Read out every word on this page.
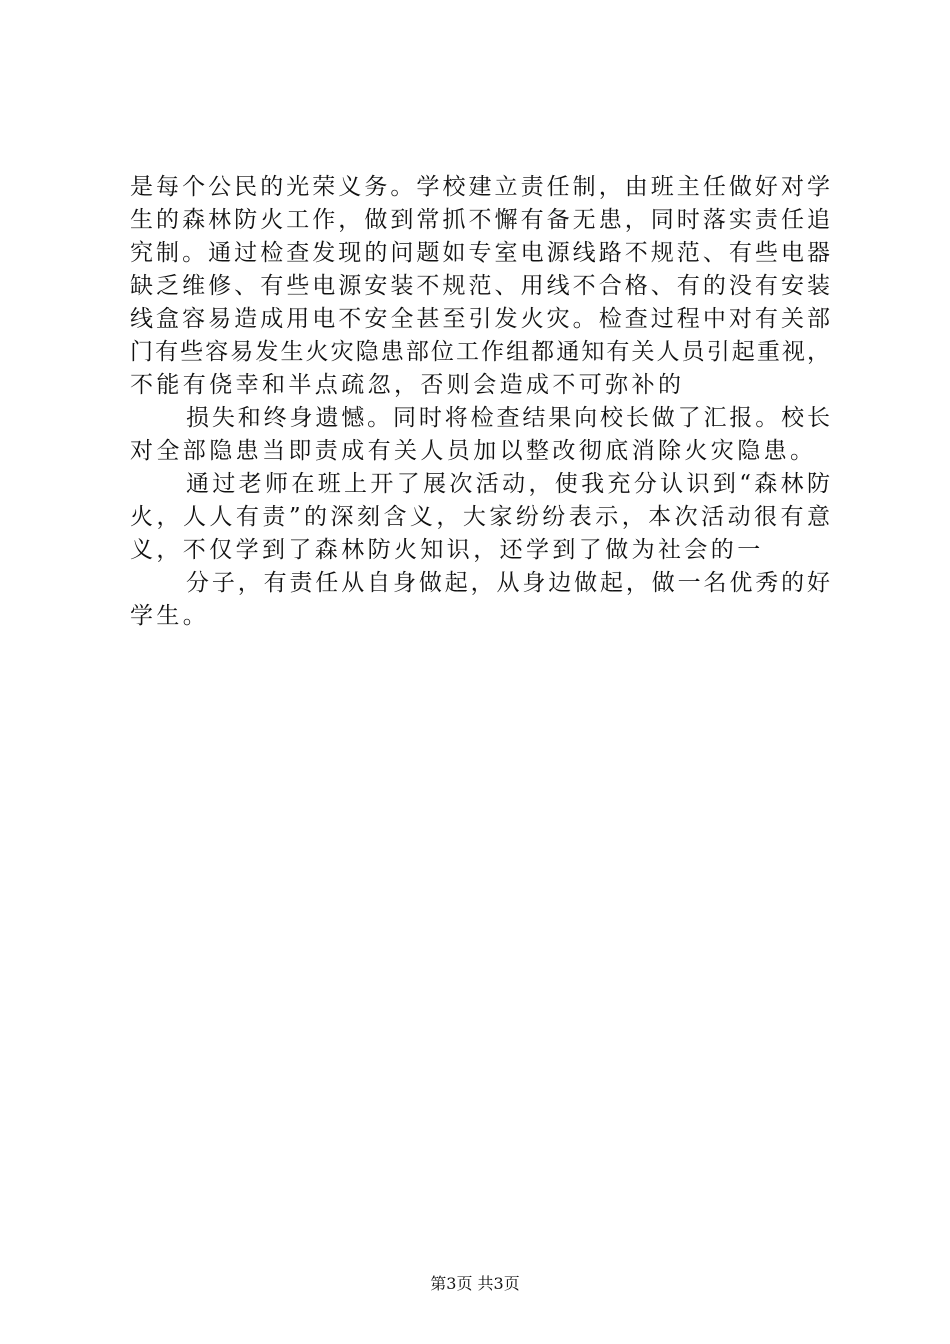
是每个公民的光荣义务。学校建立责任制，由班主任做好对学
生的森林防火工作，做到常抓不懈有备无患，同时落实责任追
究制。通过检查发现的问题如专室电源线路不规范、有些电器
缺乏维修、有些电源安装不规范、用线不合格、有的没有安装
线盒容易造成用电不安全甚至引发火灾。检查过程中对有关部
门有些容易发生火灾隐患部位工作组都通知有关人员引起重视，
不能有侥幸和半点疏忽，否则会造成不可弥补的
损失和终身遗憾。同时将检查结果向校长做了汇报。校长
对全部隐患当即责成有关人员加以整改彻底消除火灾隐患。
通过老师在班上开了展次活动，使我充分认识到“森林防
火，人人有责”的深刻含义，大家纷纷表示，本次活动很有意
义，不仅学到了森林防火知识，还学到了做为社会的一
分子，有责任从自身做起，从身边做起，做一名优秀的好
学生。
第3页 共3页
